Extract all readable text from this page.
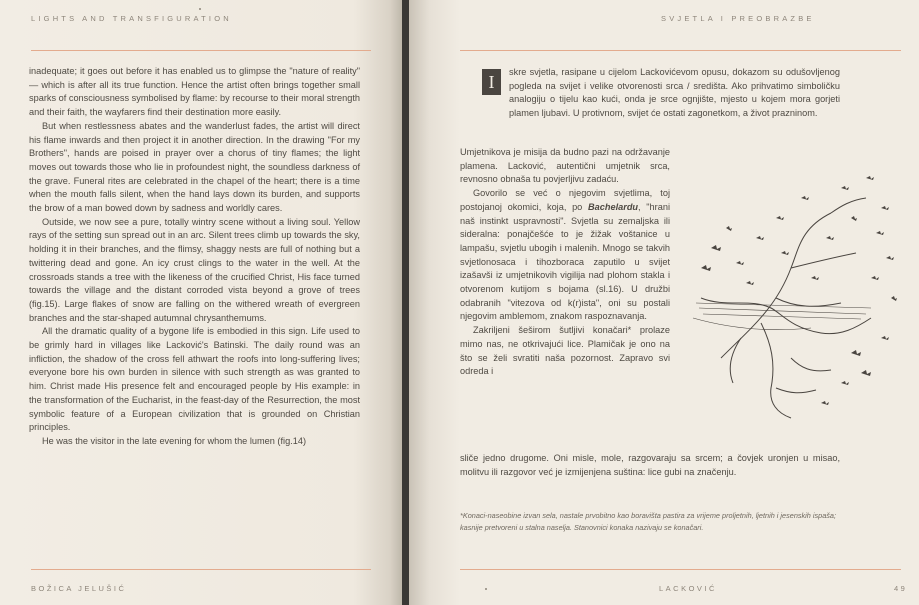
LIGHTS AND TRANSFIGURATION

inadequate; it goes out before it has enabled us to glimpse the "nature of reality" — which is after all its true function. Hence the artist often brings together small sparks of consciousness symbolised by flame: by recourse to their moral strength and their faith, the wayfarers find their destination more easily.

But when restlessness abates and the wanderlust fades, the artist will direct his flame inwards and then project it in another direction. In the drawing "For my Brothers", hands are poised in prayer over a chorus of tiny flames; the light moves out towards those who lie in profoundest night, the soundless darkness of the grave. Funeral rites are celebrated in the chapel of the heart; there is a time when the mouth falls silent, when the hand lays down its burden, and supports the brow of a man bowed down by sadness and worldly cares.

Outside, we now see a pure, totally wintry scene without a living soul. Yellow rays of the setting sun spread out in an arc. Silent trees climb up towards the sky, holding it in their branches, and the flimsy, shaggy nests are full of nothing but a twittering dead and gone. An icy crust clings to the water in the well. At the crossroads stands a tree with the likeness of the crucified Christ, His face turned towards the village and the distant corroded vista beyond a grove of trees (fig.15). Large flakes of snow are falling on the withered wreath of evergreen branches and the star-shaped autumnal chrysanthemums.

All the dramatic quality of a bygone life is embodied in this sign. Life used to be grimly hard in villages like Lacković's Batinski. The daily round was an infliction, the shadow of the cross fell athwart the roofs into long-suffering lives; everyone bore his own burden in silence with such strength as was granted to him. Christ made His presence felt and encouraged people by His example: in the transformation of the Eucharist, in the feast-day of the Resurrection, the most symbolic feature of a European civilization that is grounded on Christian principles.

He was the visitor in the late evening for whom the lumen (fig.14)

BOŽICA JELUŠIĆ
SVJETLA I PREOBRAZBE
I	skre svjetla, rasipane u cijelom Lackovićevom opusu, dokazom su odušovljenog pogleda na svijet i velike otvorenosti srca / središta. Ako prihvatimo simboličku analogiju o tijelu kao kući, onda je srce ognjište, mjesto u kojem mora gorjeti plamen ljubavi. U protivnom, svijet će ostati zagonetkom, a život prazninom.

Umjetnikova je misija da budno pazi na održavanje plamena. Lacković, autentični umjetnik srca, revnosno obnaša tu povjerljivu zadaću.

Govorilo se već o njegovim svjetlima, toj postojanoj okomici, koja, po Bachelardu, "hrani naš instinkt uspravnosti". Svjetla su zemaljska ili sideralna: ponajčešće to je žižak voštanice u lampašu, svjetlu ubogih i malenih. Mnogo se takvih svjetlonosaca i tihozboraca zaputilo u svijet izašavši iz umjetnikovih vigilija nad plohom stakla i otvorenom kutijom s bojama (sl.16). U družbi odabranih "vitezova od k(r)ista", oni su postali njegovim amblemom, znakom raspoznavanja.

Zakriljeni šeširom šutljivi konačari* prolaze mimo nas, ne otkrivajući lice. Plamičak je ono na što se želi svratiti naša pozornost. Zapravo svi odreda i

sliče jedno drugome. Oni misle, mole, razgovaraju sa srcem; a čovjek uronjen u misao, molitvu ili razgovor već je izmijenjena suština: lice gubi na značenju.

*Konaci-naseobine izvan sela, nastale prvobitno kao boravišta pastira za vrijeme proljetnih, ljetnih i jesenskih ispaša; kasnije pretvoreni u stalna naselja. Stanovnici konaka nazivaju se konačari.
LACKOVIĆ	49
